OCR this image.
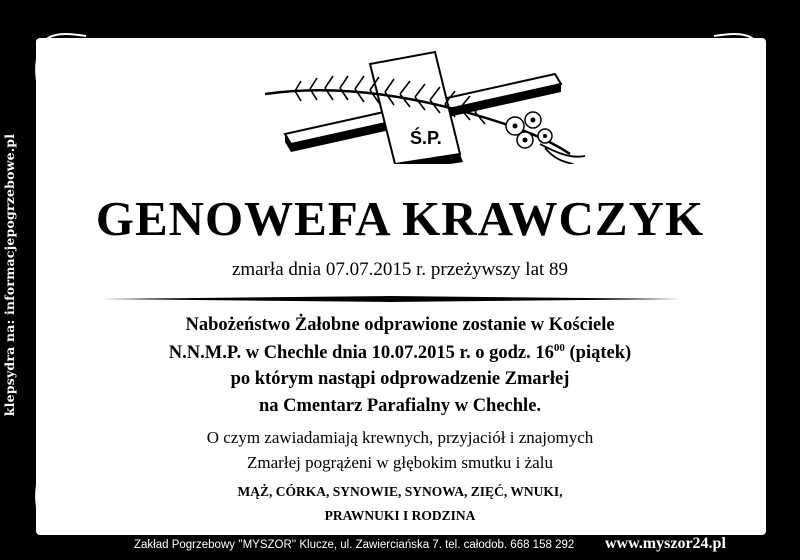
klepsydra na: informacjepogrzebowe.pl	Ś.P.
GENOWEFA KRAWCZYK
zmarła dnia 07.07.2015 r. przeżywszy lat 89
Nabożeństwo Żałobne odprawione zostanie w Kościele
N.N.M.P. w Chechle dnia 10.07.2015 r. o godz. $16^{00}$ (piątek)
po którym nastąpi odprowadzenie Zmarłej
na Cmentarz Parafialny w Chechle.
O czym zawiadamiają krewnych, przyjaciół i znajomych
Zmarłej pogrążeni w głębokim smutku i żalu
MĄŻ, CÓRKA, SYNOWIE, SYNOWA, ZIĘĆ, WNUKI,
PRAWNUKI I RODZINA
Zakład Pogrzebowy ''MYSZOR'' Klucze, ul. Zawierciańska 7. tel. całodob. 668 158 292 www.myszor24.pl
